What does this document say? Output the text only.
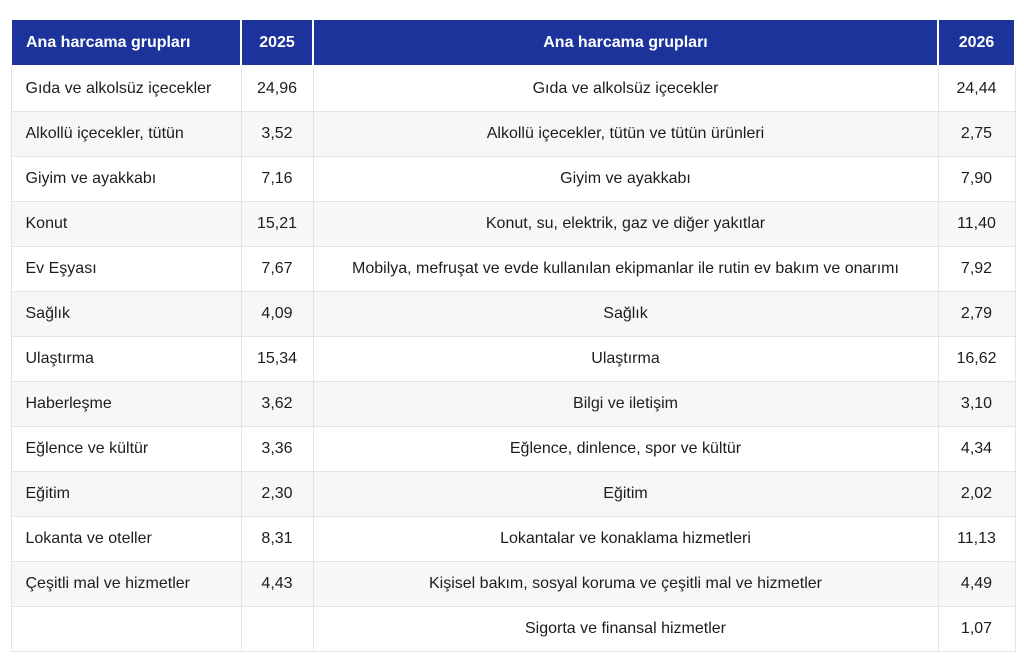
Ana harcama grupları	2025	Ana harcama grupları	2026
Gıda ve alkolsüz içecekler	24,96	Gıda ve alkolsüz içecekler	24,44
Alkollü içecekler, tütün	3,52	Alkollü içecekler, tütün ve tütün ürünleri	2,75
Giyim ve ayakkabı	7,16	Giyim ve ayakkabı	7,90
Konut	15,21	Konut, su, elektrik, gaz ve diğer yakıtlar	11,40
Ev Eşyası	7,67	Mobilya, mefruşat ve evde kullanılan ekipmanlar ile rutin ev bakım ve onarımı	7,92
Sağlık	4,09	Sağlık	2,79
Ulaştırma	15,34	Ulaştırma	16,62
Haberleşme	3,62	Bilgi ve iletişim	3,10
Eğlence ve kültür	3,36	Eğlence, dinlence, spor ve kültür	4,34
Eğitim	2,30	Eğitim	2,02
Lokanta ve oteller	8,31	Lokantalar ve konaklama hizmetleri	11,13
Çeşitli mal ve hizmetler	4,43	Kişisel bakım, sosyal koruma ve çeşitli mal ve hizmetler	4,49
		Sigorta ve finansal hizmetler	1,07
